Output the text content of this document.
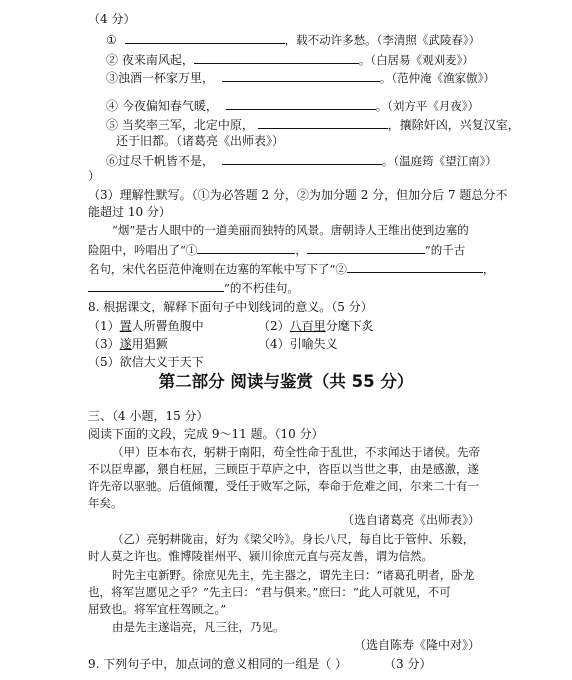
（4 分）
①	，载不动许多愁。（李清照《武陵春》）
② 夜来南风起，	。（白居易《观刈麦》）
③浊酒一杯家万里，	。（范仲淹《渔家傲》）
④ 今夜偏知春气暖，	。（刘方平《月夜》）
⑤ 当奖率三军，北定中原，	，攘除奸凶，兴复汉室，
还于旧都。（诸葛亮《出师表》）
⑥过尽千帆皆不是，	。（温庭筠《望江南》）
）
（3）理解性默写。（①为必答题 2 分，②为加分题 2 分，但加分后 7 题总分不
能超过 10 分）
“烟”是古人眼中的一道美丽而独特的风景。唐朝诗人王维出使到边塞的
险阻中，吟唱出了“①	，	”的千古
名句，宋代名臣范仲淹则在边塞的军帐中写下了“②	，
”的不朽佳句。
8. 根据课文，解释下面句子中划线词的意义。（5 分）
（1）置人所罾鱼腹中	（2）八百里分麾下炙
（3）遂用猖獗	（4）引喻失义
（5）欲信大义于天下
第二部分 阅读与鉴赏（共 55 分）
三、（4 小题，15 分）
阅读下面的文段，完成 9～11 题。（10 分）
（甲）臣本布衣，躬耕于南阳，苟全性命于乱世，不求闻达于诸侯。先帝
不以臣卑鄙，猥自枉屈，三顾臣于草庐之中，咨臣以当世之事，由是感激，遂
许先帝以驱驰。后值倾覆，受任于败军之际，奉命于危难之间，尔来二十有一
年矣。
（选自诸葛亮《出师表》）
（乙）亮躬耕陇亩，好为《梁父吟》。身长八尺，每自比于管仲、乐毅，
时人莫之许也。惟博陵崔州平、颍川徐庶元直与亮友善，谓为信然。
时先主屯新野。徐庶见先主，先主器之，谓先主曰：“诸葛孔明者，卧龙
也，将军岂愿见之乎？”先主曰：“君与俱来。”庶曰：“此人可就见，不可
屈致也。将军宜枉驾顾之。”
由是先主遂诣亮，凡三往，乃见。
（选自陈寿《隆中对》）
9. 下列句子中，加点词的意义相同的一组是（ ）	（3 分）
